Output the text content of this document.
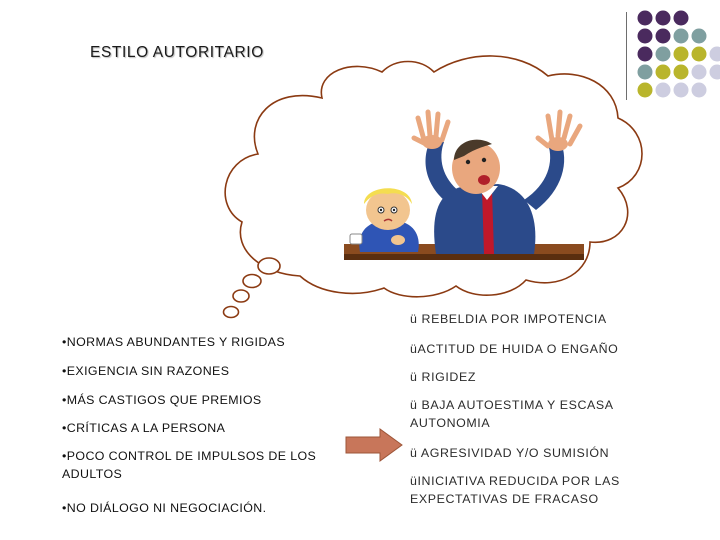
ESTILO AUTORITARIO
•NORMAS ABUNDANTES Y RIGIDAS
•EXIGENCIA SIN RAZONES
•MÁS CASTIGOS QUE PREMIOS
•CRÍTICAS A LA PERSONA
•POCO CONTROL DE IMPULSOS DE LOS ADULTOS
•NO DIÁLOGO NI NEGOCIACIÓN.
ü REBELDIA POR IMPOTENCIA
üACTITUD DE HUIDA O ENGAÑO
ü RIGIDEZ
ü BAJA AUTOESTIMA Y ESCASA AUTONOMIA
ü AGRESIVIDAD Y/O SUMISIÓN
üINICIATIVA REDUCIDA POR LAS EXPECTATIVAS DE FRACASO
